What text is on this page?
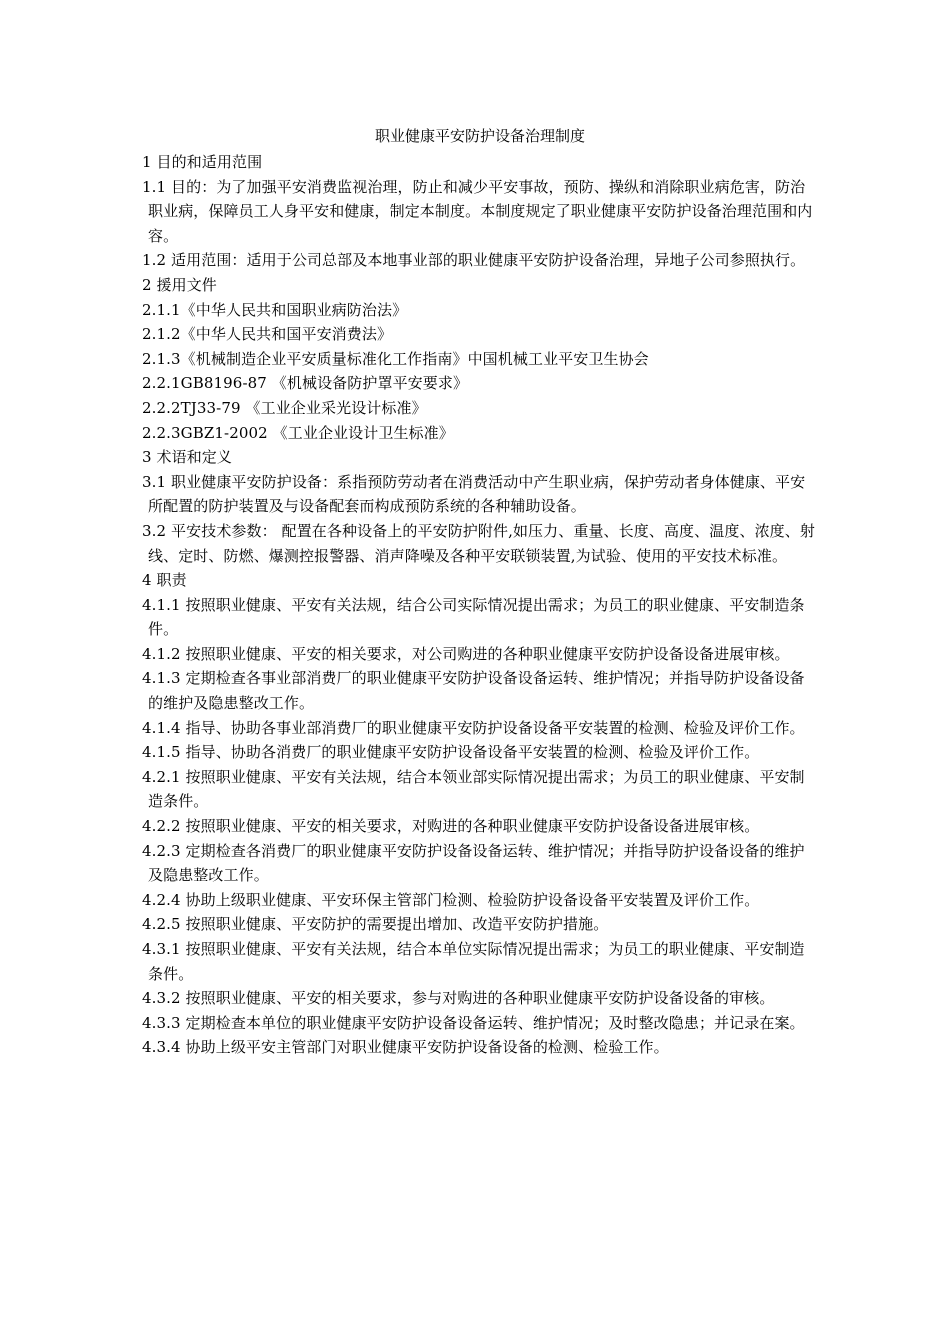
职业健康平安防护设备治理制度

1 目的和适用范围

1.1 目的：为了加强平安消费监视治理，防止和减少平安事故，预防、操纵和消除职业病危害，防治职业病，保障员工人身平安和健康，制定本制度。本制度规定了职业健康平安防护设备治理范围和内容。

1.2 适用范围：适用于公司总部及本地事业部的职业健康平安防护设备治理，异地子公司参照执行。

2 援用文件

2.1.1《中华人民共和国职业病防治法》

2.1.2《中华人民共和国平安消费法》

2.1.3《机械制造企业平安质量标准化工作指南》中国机械工业平安卫生协会

2.2.1GB8196-87 《机械设备防护罩平安要求》

2.2.2TJ33-79 《工业企业采光设计标准》

2.2.3GBZ1-2002 《工业企业设计卫生标准》

3 术语和定义

3.1 职业健康平安防护设备：系指预防劳动者在消费活动中产生职业病，保护劳动者身体健康、平安所配置的防护装置及与设备配套而构成预防系统的各种辅助设备。

3.2 平安技术参数： 配置在各种设备上的平安防护附件,如压力、重量、长度、高度、温度、浓度、射线、定时、防燃、爆测控报警器、消声降噪及各种平安联锁装置,为试验、使用的平安技术标准。

4 职责

4.1.1 按照职业健康、平安有关法规，结合公司实际情况提出需求；为员工的职业健康、平安制造条件。

4.1.2 按照职业健康、平安的相关要求，对公司购进的各种职业健康平安防护设备设备进展审核。

4.1.3 定期检查各事业部消费厂的职业健康平安防护设备设备运转、维护情况；并指导防护设备设备的维护及隐患整改工作。

4.1.4 指导、协助各事业部消费厂的职业健康平安防护设备设备平安装置的检测、检验及评价工作。

4.1.5 指导、协助各消费厂的职业健康平安防护设备设备平安装置的检测、检验及评价工作。

4.2.1 按照职业健康、平安有关法规，结合本领业部实际情况提出需求；为员工的职业健康、平安制造条件。

4.2.2 按照职业健康、平安的相关要求，对购进的各种职业健康平安防护设备设备进展审核。

4.2.3 定期检查各消费厂的职业健康平安防护设备设备运转、维护情况；并指导防护设备设备的维护及隐患整改工作。

4.2.4 协助上级职业健康、平安环保主管部门检测、检验防护设备设备平安装置及评价工作。

4.2.5 按照职业健康、平安防护的需要提出增加、改造平安防护措施。

4.3.1 按照职业健康、平安有关法规，结合本单位实际情况提出需求；为员工的职业健康、平安制造条件。

4.3.2 按照职业健康、平安的相关要求，参与对购进的各种职业健康平安防护设备设备的审核。

4.3.3 定期检查本单位的职业健康平安防护设备设备运转、维护情况；及时整改隐患；并记录在案。

4.3.4 协助上级平安主管部门对职业健康平安防护设备设备的检测、检验工作。
